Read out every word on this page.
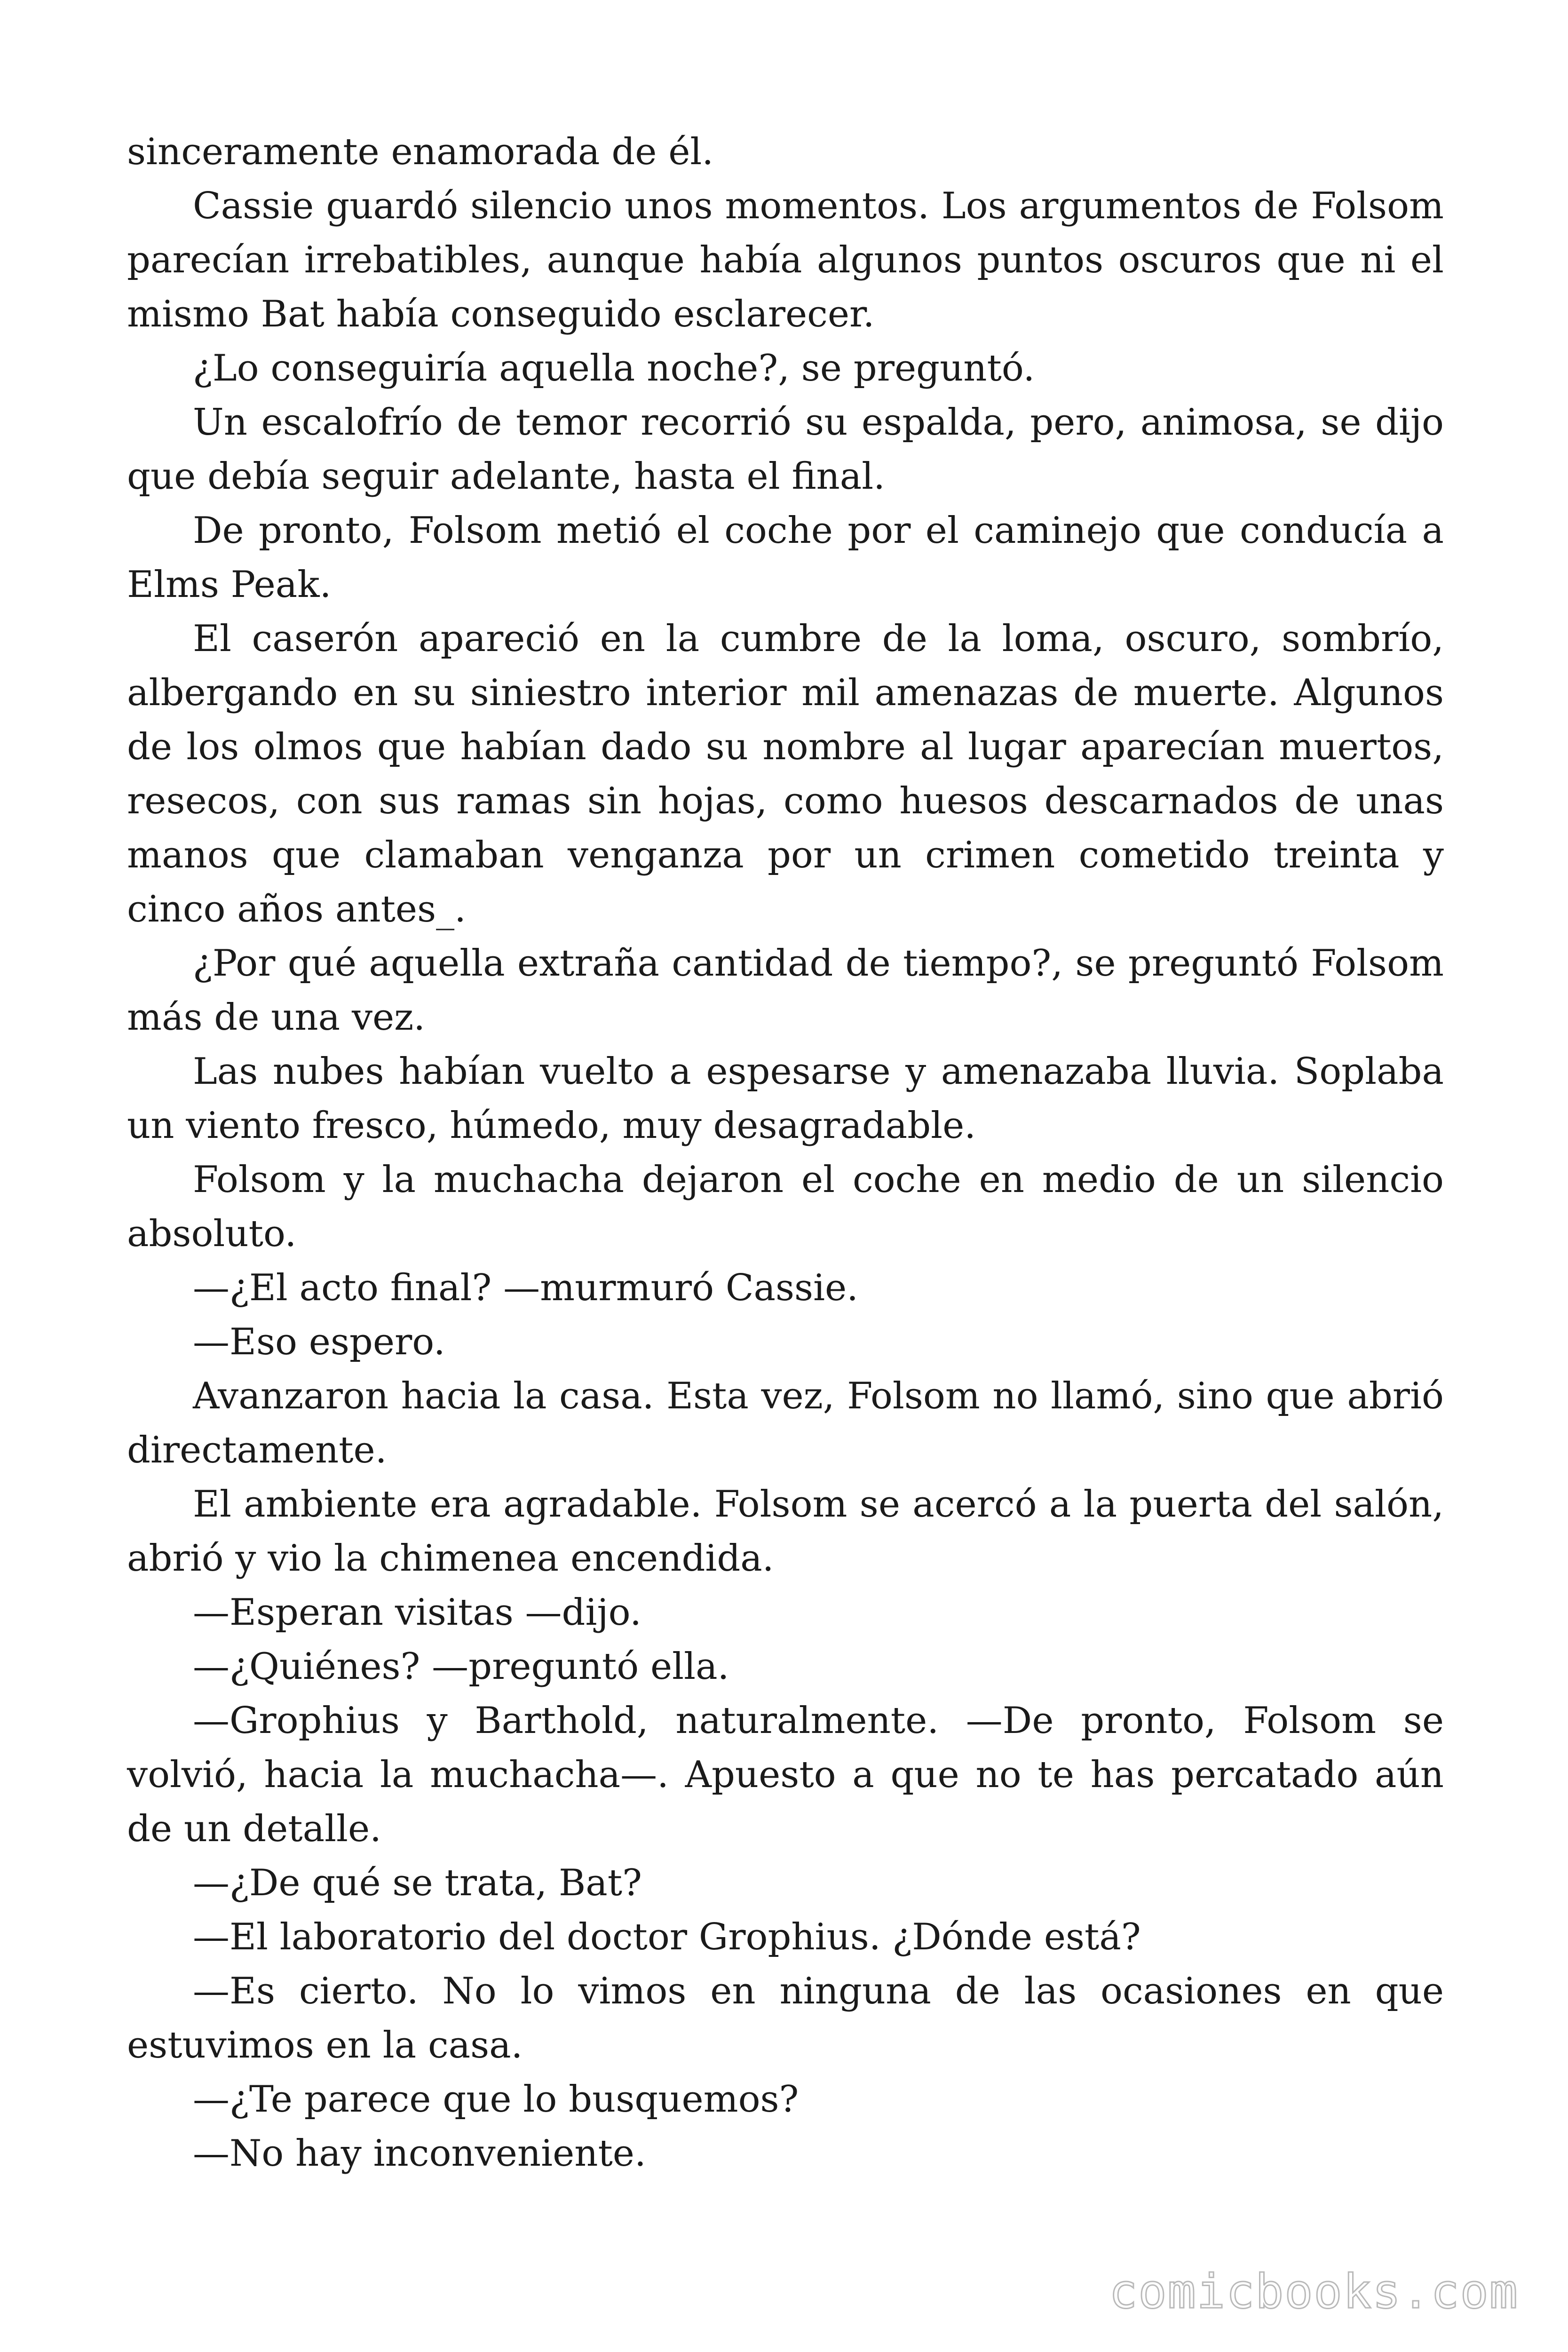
sinceramente enamorada de él.

Cassie guardó silencio unos momentos. Los argumentos de Folsom parecían irrebatibles, aunque había algunos puntos oscuros que ni el mismo Bat había conseguido esclarecer.

¿Lo conseguiría aquella noche?, se preguntó.

Un escalofrío de temor recorrió su espalda, pero, animosa, se dijo que debía seguir adelante, hasta el final.

De pronto, Folsom metió el coche por el caminejo que conducía a Elms Peak.

El caserón apareció en la cumbre de la loma, oscuro, sombrío, albergando en su siniestro interior mil amenazas de muerte. Algunos de los olmos que habían dado su nombre al lugar aparecían muertos, resecos, con sus ramas sin hojas, como huesos descarnados de unas manos que clamaban venganza por un crimen cometido treinta y cinco años antes_.

¿Por qué aquella extraña cantidad de tiempo?, se preguntó Folsom más de una vez.

Las nubes habían vuelto a espesarse y amenazaba lluvia. Soplaba un viento fresco, húmedo, muy desagradable.

Folsom y la muchacha dejaron el coche en medio de un silencio absoluto.

—¿El acto final? —murmuró Cassie.

—Eso espero.

Avanzaron hacia la casa. Esta vez, Folsom no llamó, sino que abrió directamente.

El ambiente era agradable. Folsom se acercó a la puerta del salón, abrió y vio la chimenea encendida.

—Esperan visitas —dijo.

—¿Quiénes? —preguntó ella.

—Grophius y Barthold, naturalmente. —De pronto, Folsom se volvió, hacia la muchacha—. Apuesto a que no te has percatado aún de un detalle.

—¿De qué se trata, Bat?

—El laboratorio del doctor Grophius. ¿Dónde está?

—Es cierto. No lo vimos en ninguna de las ocasiones en que estuvimos en la casa.

—¿Te parece que lo busquemos?

—No hay inconveniente.

comicbooks.com
